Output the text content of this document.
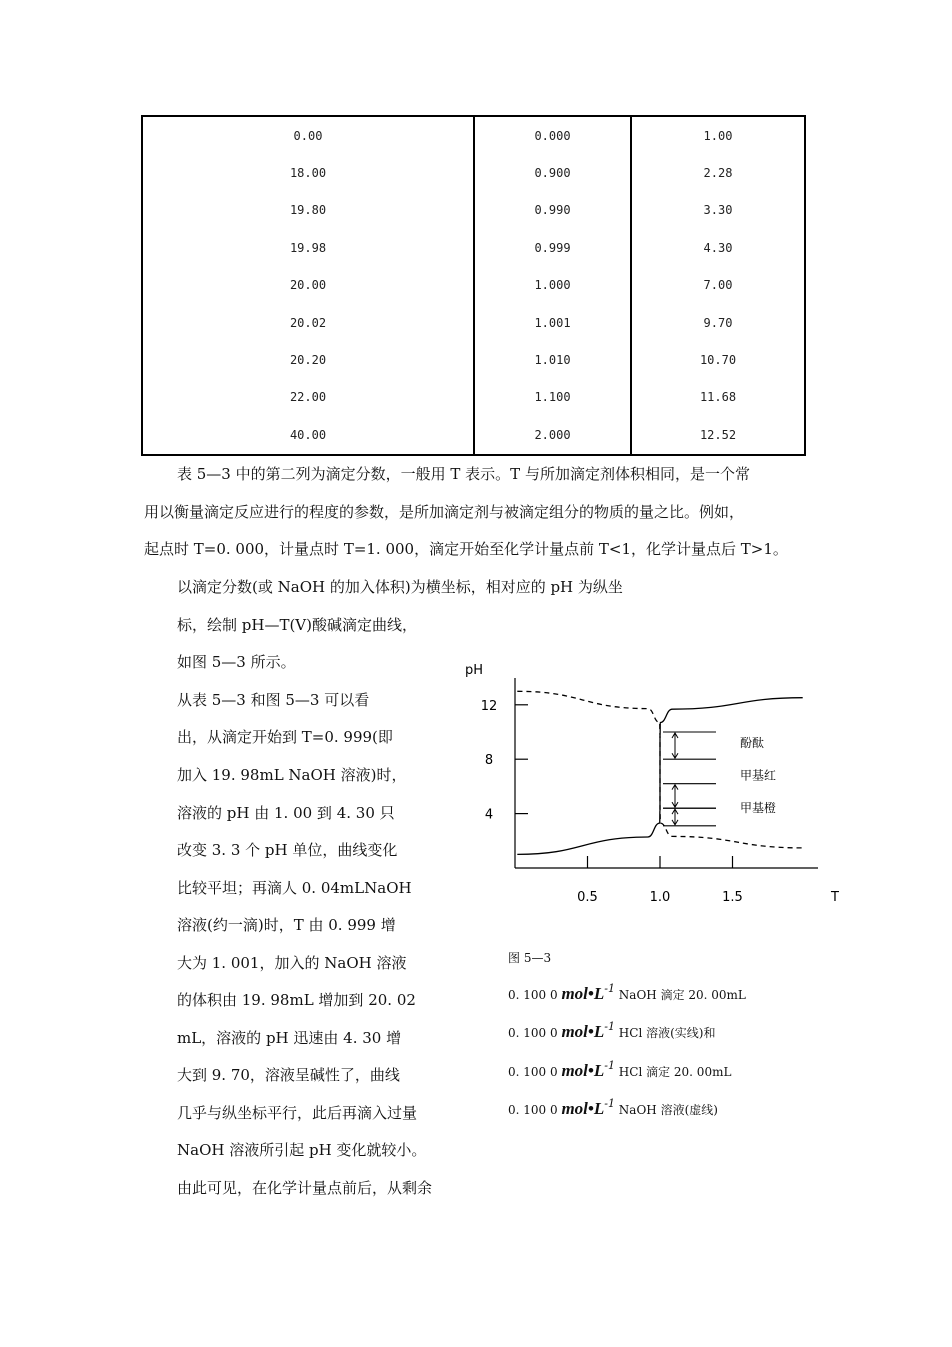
0.00	0.000	1.00
18.00	0.900	2.28
19.80	0.990	3.30
19.98	0.999	4.30
20.00	1.000	7.00
20.02	1.001	9.70
20.20	1.010	10.70
22.00	1.100	11.68
40.00	2.000	12.52
表 5—3 中的第二列为滴定分数，一般用 T 表示。T 与所加滴定剂体积相同，是一个常
用以衡量滴定反应进行的程度的参数，是所加滴定剂与被滴定组分的物质的量之比。例如，
起点时 T=0. 000，计量点时 T=1. 000，滴定开始至化学计量点前 T<1，化学计量点后 T>1。
以滴定分数(或 NaOH 的加入体积)为横坐标，相对应的 pH 为纵坐
标，绘制 pH—T(V)酸碱滴定曲线，
如图 5—3 所示。
从表 5—3 和图 5—3 可以看
出，从滴定开始到 T=0. 999(即
加入 19. 98mL NaOH 溶液)时，
溶液的 pH 由 1. 00 到 4. 30 只
改变 3. 3 个 pH 单位，曲线变化
比较平坦；再滴人 0. 04mLNaOH
溶液(约一滴)时，T 由 0. 999 增
大为 1. 001，加入的 NaOH 溶液
的体积由 19. 98mL 增加到 20. 02
mL，溶液的 pH 迅速由 4. 30 增
大到 9. 70，溶液呈碱性了，曲线
几乎与纵坐标平行，此后再滴入过量
NaOH 溶液所引起 pH 变化就较小。
由此可见，在化学计量点前后，从剩余
12
8
4
0.5	1.0	1.5
酚酞
甲基红
甲基橙
pH
T
图 5—3
0. 100 0 mol•L-1 NaOH 滴定 20. 00mL
0. 100 0 mol•L-1 HCl 溶液(实线)和
0. 100 0 mol•L-1 HCl 滴定 20. 00mL
0. 100 0 mol•L-1 NaOH 溶液(虚线)
